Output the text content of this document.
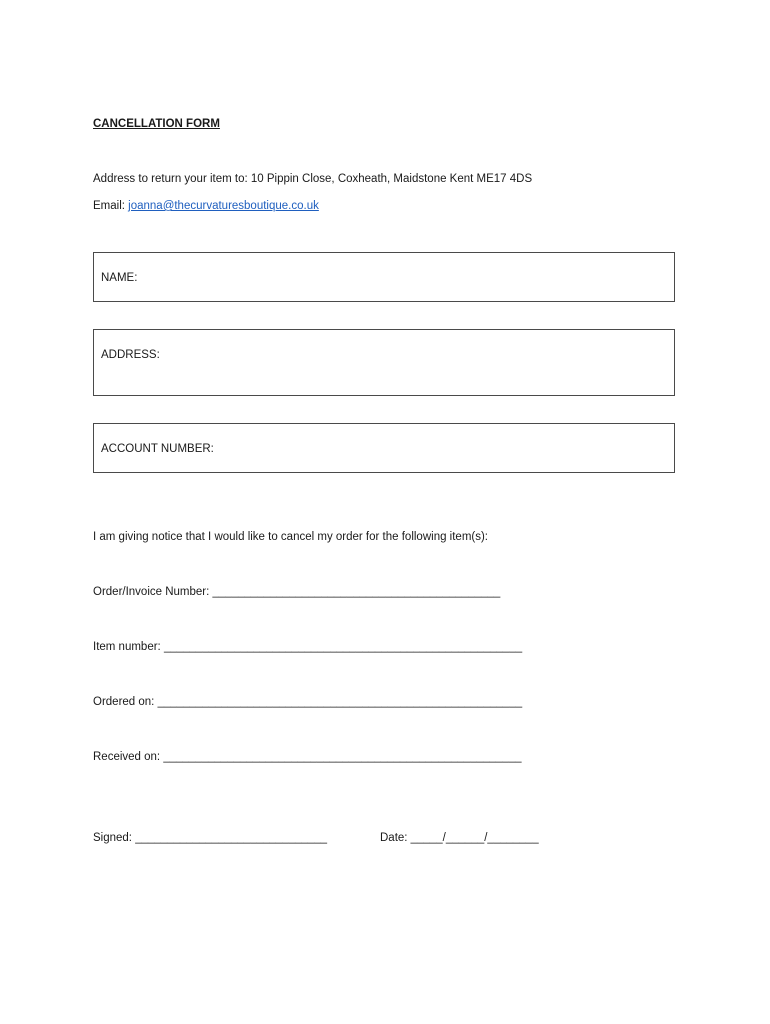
CANCELLATION FORM
Address to return your item to: 10 Pippin Close, Coxheath, Maidstone Kent ME17 4DS
Email: joanna@thecurvaturesboutique.co.uk
NAME:
ADDRESS:
ACCOUNT NUMBER:
I am giving notice that I would like to cancel my order for the following item(s):
Order/Invoice Number: _____________________________________________
Item number: ________________________________________________________
Ordered on: _________________________________________________________
Received on: ________________________________________________________
Signed: ______________________________	Date: _____/______/________
